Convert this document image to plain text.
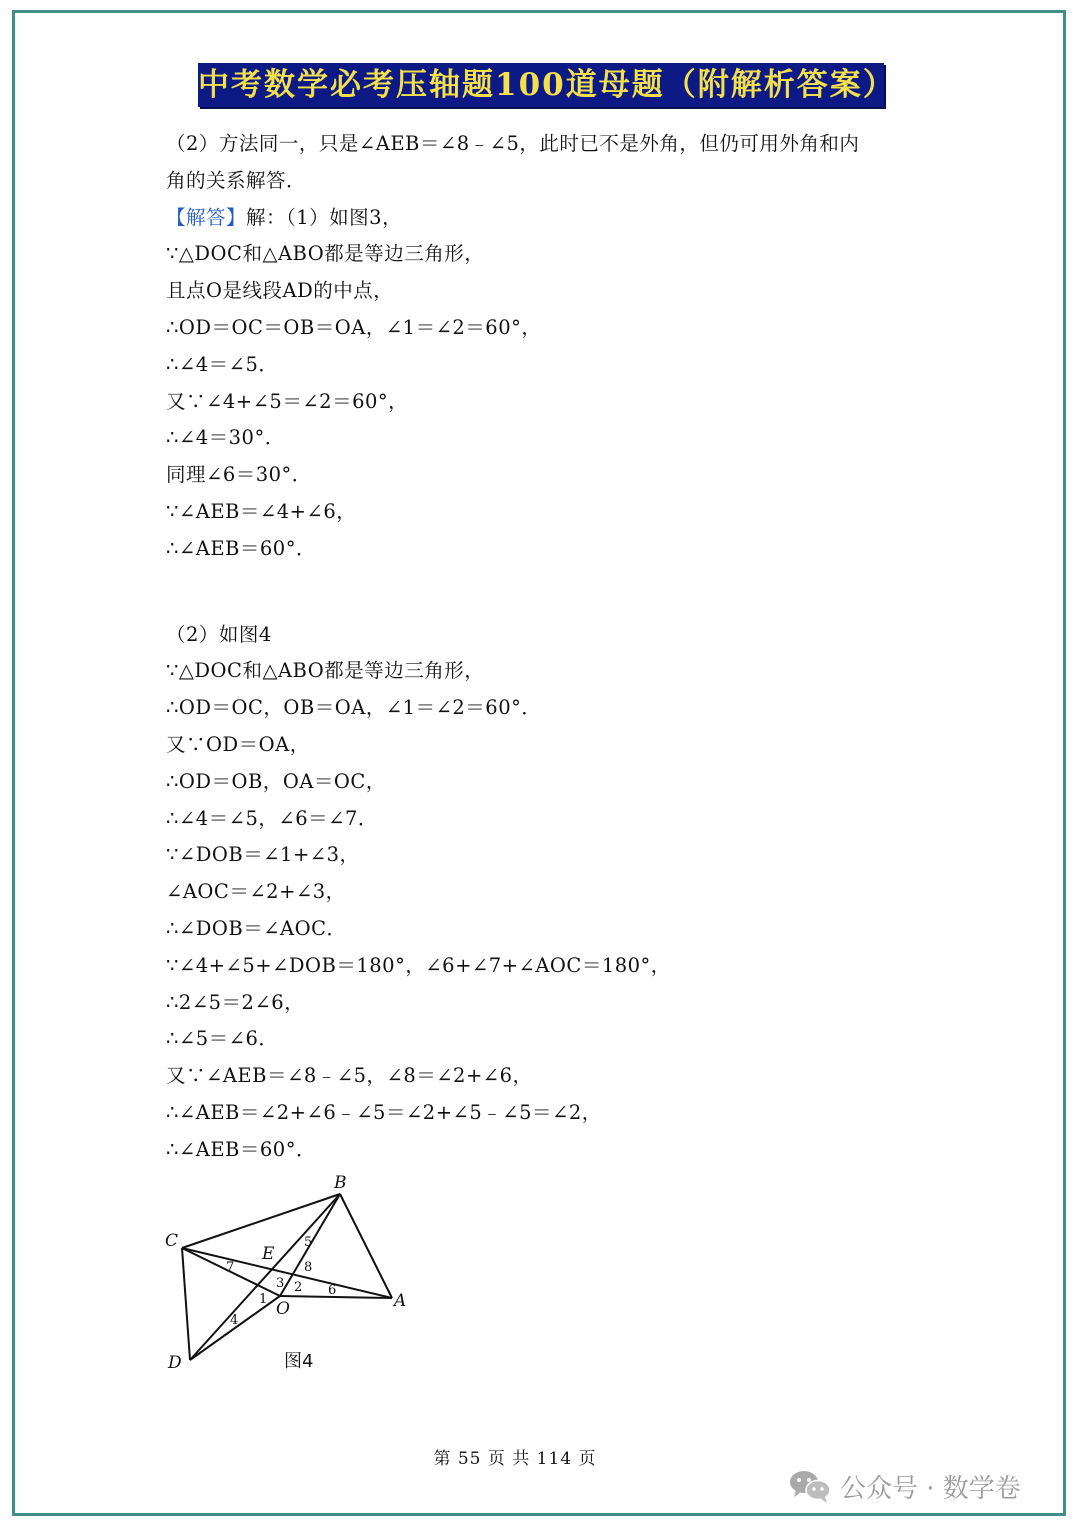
中考数学必考压轴题100道母题（附解析答案）
（2）方法同一，只是∠AEB＝∠8﹣∠5，此时已不是外角，但仍可用外角和内
角的关系解答．
【解答】解：（1）如图3，
∵△DOC和△ABO都是等边三角形，
且点O是线段AD的中点，
∴OD＝OC＝OB＝OA，∠1＝∠2＝60°，
∴∠4＝∠5．
又∵∠4+∠5＝∠2＝60°，
∴∠4＝30°．
同理∠6＝30°．
∵∠AEB＝∠4+∠6，
∴∠AEB＝60°．
（2）如图4
∵△DOC和△ABO都是等边三角形，
∴OD＝OC，OB＝OA，∠1＝∠2＝60°．
又∵OD＝OA，
∴OD＝OB，OA＝OC，
∴∠4＝∠5，∠6＝∠7．
∵∠DOB＝∠1+∠3，
∠AOC＝∠2+∠3，
∴∠DOB＝∠AOC．
∵∠4+∠5+∠DOB＝180°，∠6+∠7+∠AOC＝180°，
∴2∠5＝2∠6，
∴∠5＝∠6．
又∵∠AEB＝∠8﹣∠5，∠8＝∠2+∠6，
∴∠AEB＝∠2+∠6﹣∠5＝∠2+∠5﹣∠5＝∠2，
∴∠AEB＝60°．
B
C
E
O	A
D
1
2
3
4
5
6
7	8
图4
第 55 页 共 114 页
公众号 · 数学卷
